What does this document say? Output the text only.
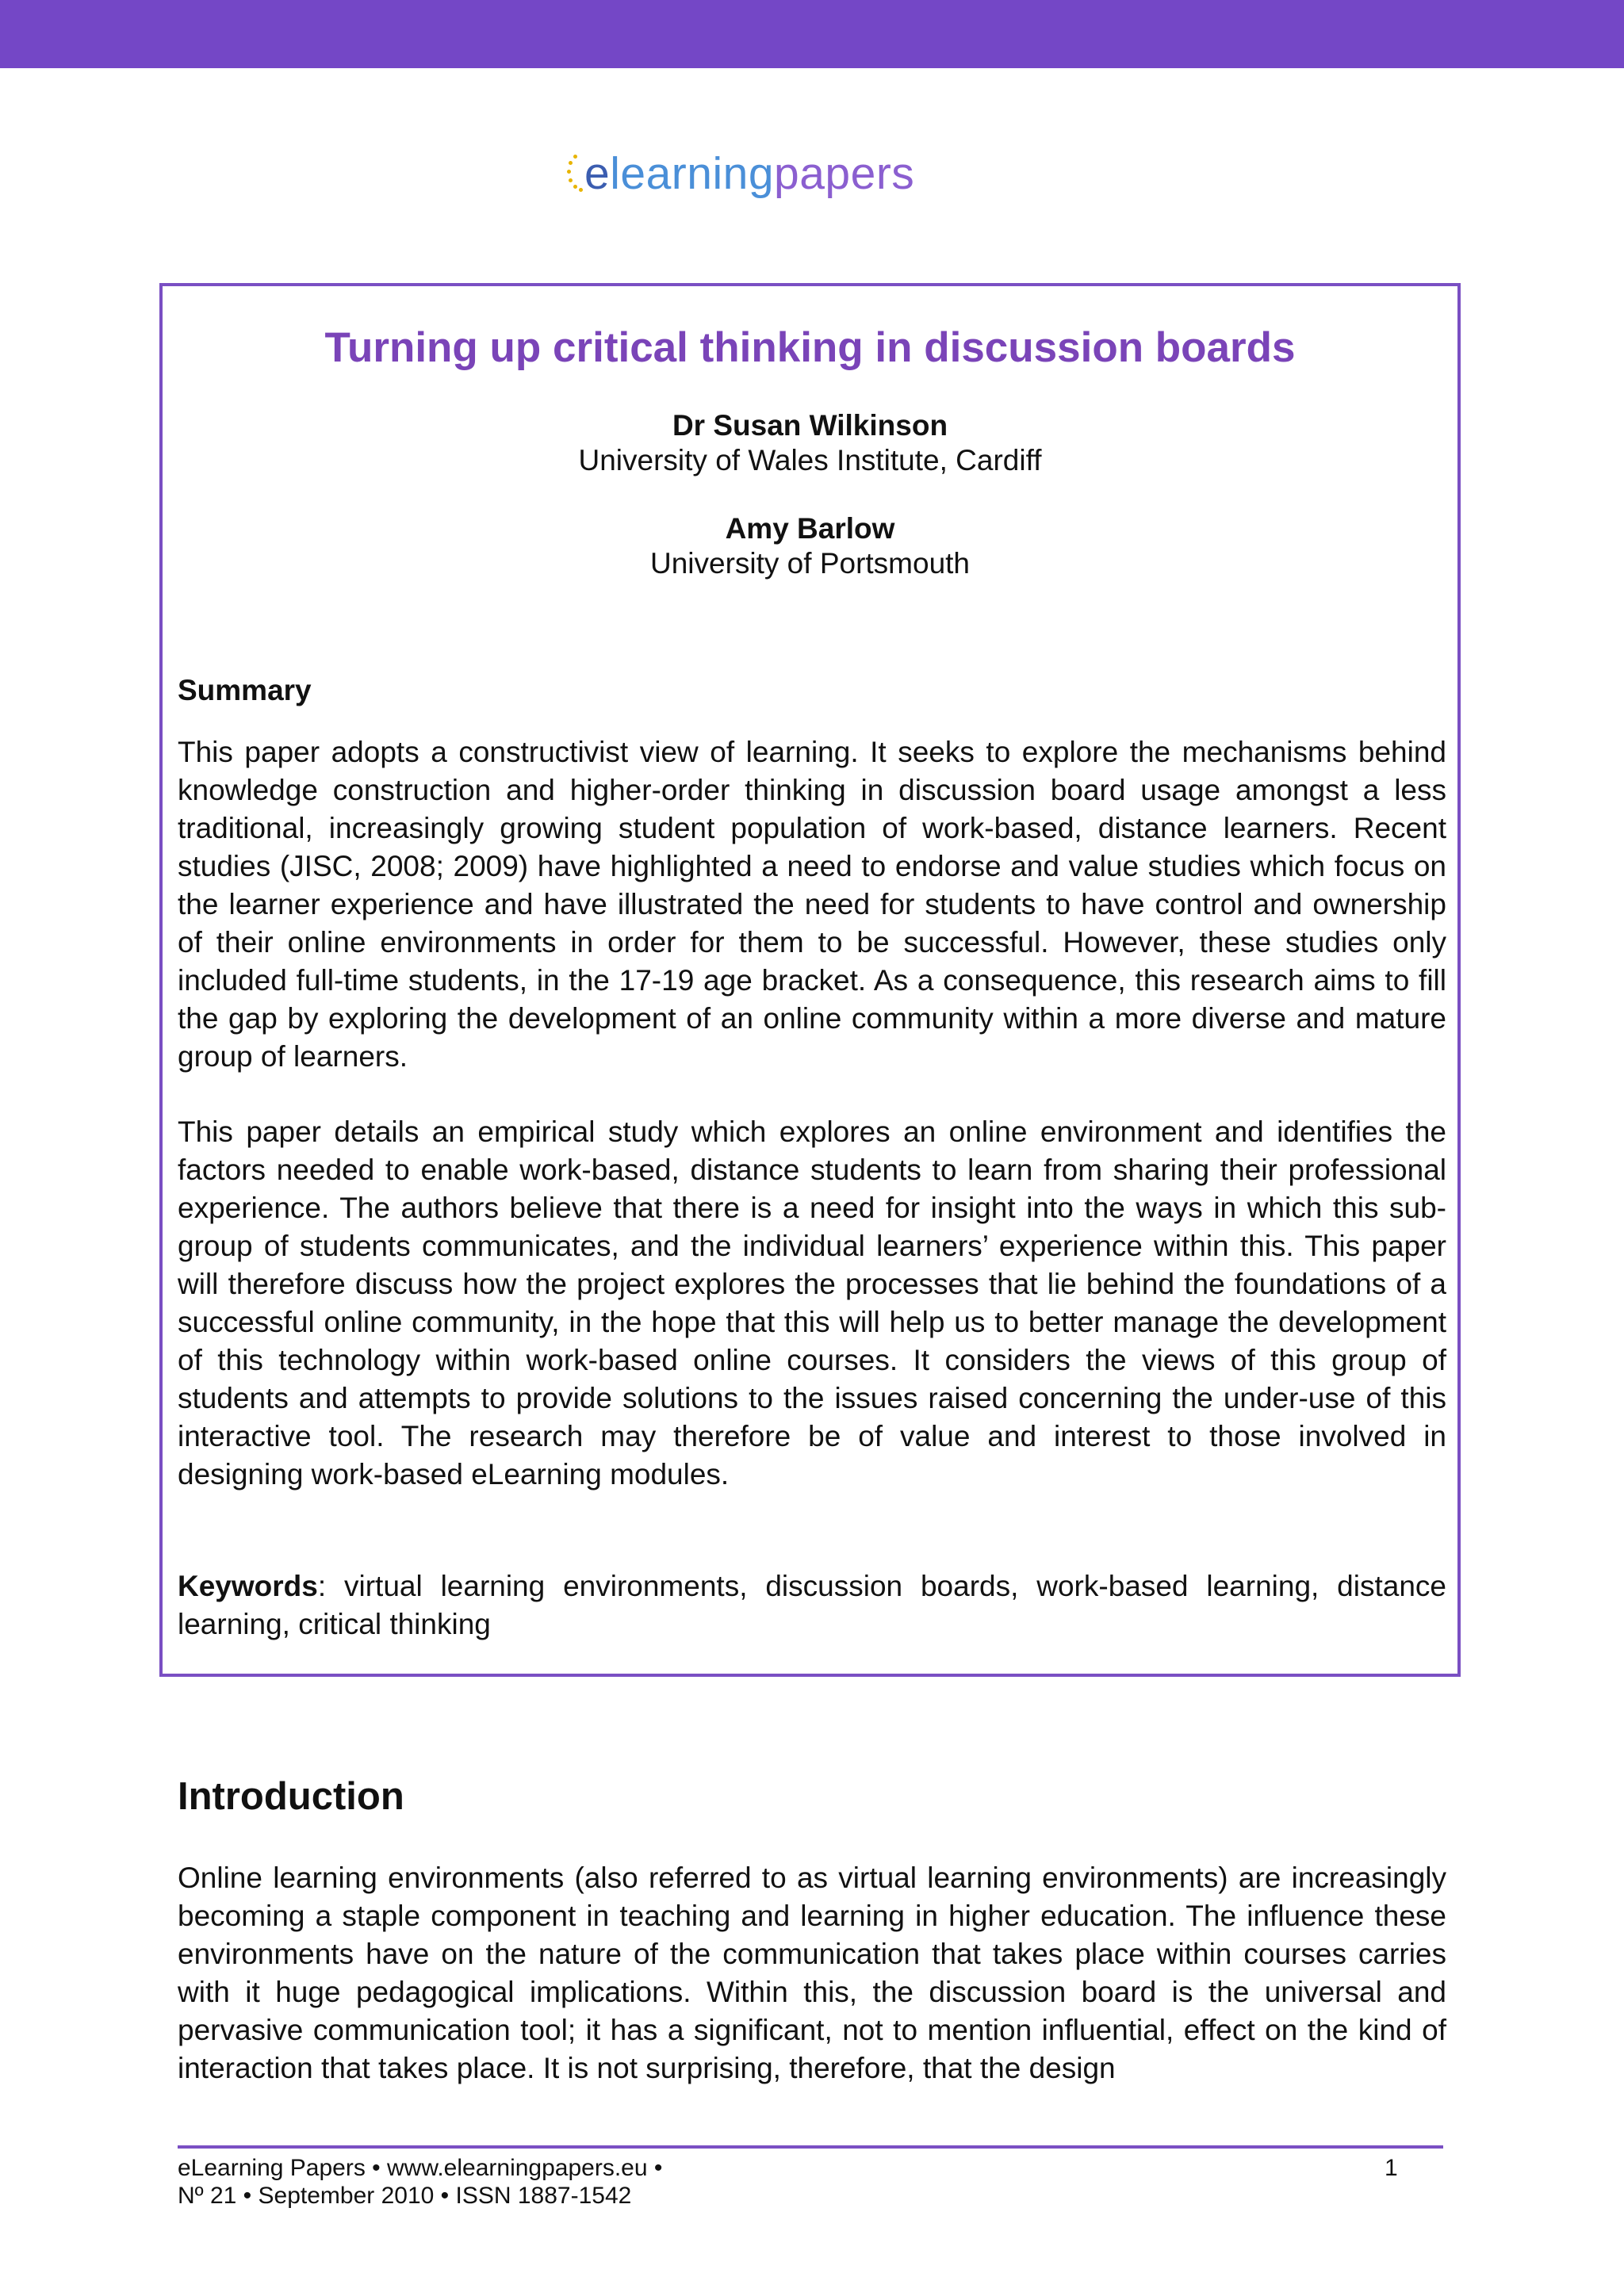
e learning papers
Turning up critical thinking in discussion boards
Dr Susan Wilkinson
University of Wales Institute, Cardiff
Amy Barlow
University of Portsmouth
Summary

This paper adopts a constructivist view of learning. It seeks to explore the mechanisms behind knowledge construction and higher-order thinking in discussion board usage amongst a less traditional, increasingly growing student population of work-based, distance learners. Recent studies (JISC, 2008; 2009) have highlighted a need to endorse and value studies which focus on the learner experience and have illustrated the need for students to have control and ownership of their online environments in order for them to be successful. However, these studies only included full-time students, in the 17-19 age bracket. As a consequence, this research aims to fill the gap by exploring the development of an online community within a more diverse and mature group of learners.

This paper details an empirical study which explores an online environment and identifies the factors needed to enable work-based, distance students to learn from sharing their professional experience. The authors believe that there is a need for insight into the ways in which this sub-group of students communicates, and the individual learners’ experience within this. This paper will therefore discuss how the project explores the processes that lie behind the foundations of a successful online community, in the hope that this will help us to better manage the development of this technology within work-based online courses. It considers the views of this group of students and attempts to provide solutions to the issues raised concerning the under-use of this interactive tool. The research may therefore be of value and interest to those involved in designing work-based eLearning modules.

Keywords: virtual learning environments, discussion boards, work-based learning, distance learning, critical thinking

Introduction

Online learning environments (also referred to as virtual learning environments) are increasingly becoming a staple component in teaching and learning in higher education. The influence these environments have on the nature of the communication that takes place within courses carries with it huge pedagogical implications. Within this, the discussion board is the universal and pervasive communication tool; it has a significant, not to mention influential, effect on the kind of interaction that takes place. It is not surprising, therefore, that the design

eLearning Papers • www.elearningpapers.eu •
Nº 21 • September 2010 • ISSN 1887-1542
1
